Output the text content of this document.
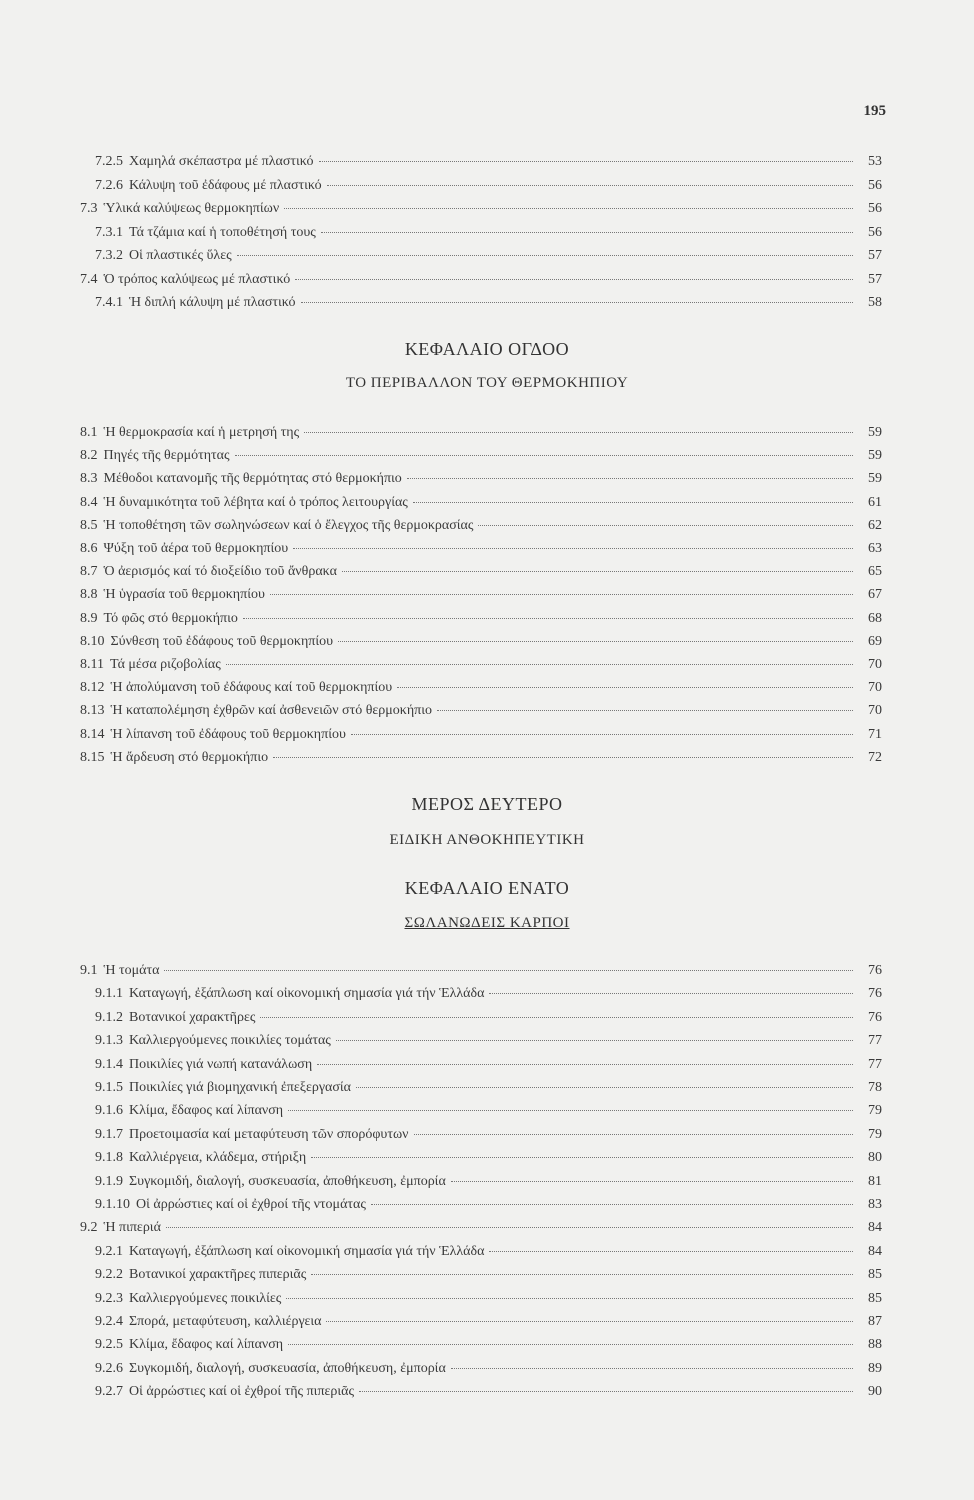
195
7.2.5 Χαμηλά σκέπαστρα μέ πλαστικό	53
7.2.6 Κάλυψη τοῦ ἐδάφους μέ πλαστικό	56
7.3 Ὑλικά καλύψεως θερμοκηπίων	56
7.3.1 Τά τζάμια καί ἡ τοποθέτησή τους	56
7.3.2 Οἱ πλαστικές ὕλες	57
7.4 Ὁ τρόπος καλύψεως μέ πλαστικό	57
7.4.1 Ἡ διπλή κάλυψη μέ πλαστικό	58
ΚΕΦΑΛΑΙΟ ΟΓΔΟΟ
ΤΟ ΠΕΡΙΒΑΛΛΟΝ ΤΟΥ ΘΕΡΜΟΚΗΠΙΟΥ
8.1 Ἡ θερμοκρασία καί ἡ μετρησή της	59
8.2 Πηγές τῆς θερμότητας	59
8.3 Μέθοδοι κατανομῆς τῆς θερμότητας στό θερμοκήπιο	59
8.4 Ἡ δυναμικότητα τοῦ λέβητα καί ὁ τρόπος λειτουργίας	61
8.5 Ἡ τοποθέτηση τῶν σωληνώσεων καί ὁ ἔλεγχος τῆς θερμοκρασίας	62
8.6 Ψύξη τοῦ ἀέρα τοῦ θερμοκηπίου	63
8.7 Ὁ ἀερισμός καί τό διοξείδιο τοῦ ἄνθρακα	65
8.8 Ἡ ὑγρασία τοῦ θερμοκηπίου	67
8.9 Τό φῶς στό θερμοκήπιο	68
8.10 Σύνθεση τοῦ ἐδάφους τοῦ θερμοκηπίου	69
8.11 Τά μέσα ριζοβολίας	70
8.12 Ἡ ἀπολύμανση τοῦ ἐδάφους καί τοῦ θερμοκηπίου	70
8.13 Ἡ καταπολέμηση ἐχθρῶν καί ἀσθενειῶν στό θερμοκήπιο	70
8.14 Ἡ λίπανση τοῦ ἐδάφους τοῦ θερμοκηπίου	71
8.15 Ἡ ἄρδευση στό θερμοκήπιο	72
ΜΕΡΟΣ ΔΕΥΤΕΡΟ
ΕΙΔΙΚΗ ΑΝΘΟΚΗΠΕΥΤΙΚΗ
ΚΕΦΑΛΑΙΟ ΕΝΑΤΟ
ΣΩΛΑΝΩΔΕΙΣ ΚΑΡΠΟΙ
9.1 Ἡ τομάτα	76
9.1.1 Καταγωγή, ἐξάπλωση καί οἰκονομική σημασία γιά τήν Ἑλλάδα	76
9.1.2 Βοτανικοί χαρακτῆρες	76
9.1.3 Καλλιεργούμενες ποικιλίες τομάτας	77
9.1.4 Ποικιλίες γιά νωπή κατανάλωση	77
9.1.5 Ποικιλίες γιά βιομηχανική ἐπεξεργασία	78
9.1.6 Κλίμα, ἔδαφος καί λίπανση	79
9.1.7 Προετοιμασία καί μεταφύτευση τῶν σπορόφυτων	79
9.1.8 Καλλιέργεια, κλάδεμα, στήριξη	80
9.1.9 Συγκομιδή, διαλογή, συσκευασία, ἀποθήκευση, ἐμπορία	81
9.1.10 Οἱ ἀρρώστιες καί οἱ ἐχθροί τῆς ντομάτας	83
9.2 Ἡ πιπεριά	84
9.2.1 Καταγωγή, ἐξάπλωση καί οἰκονομική σημασία γιά τήν Ἑλλάδα	84
9.2.2 Βοτανικοί χαρακτῆρες πιπεριᾶς	85
9.2.3 Καλλιεργούμενες ποικιλίες	85
9.2.4 Σπορά, μεταφύτευση, καλλιέργεια	87
9.2.5 Κλίμα, ἔδαφος καί λίπανση	88
9.2.6 Συγκομιδή, διαλογή, συσκευασία, ἀποθήκευση, ἐμπορία	89
9.2.7 Οἱ ἀρρώστιες καί οἱ ἐχθροί τῆς πιπεριᾶς	90
